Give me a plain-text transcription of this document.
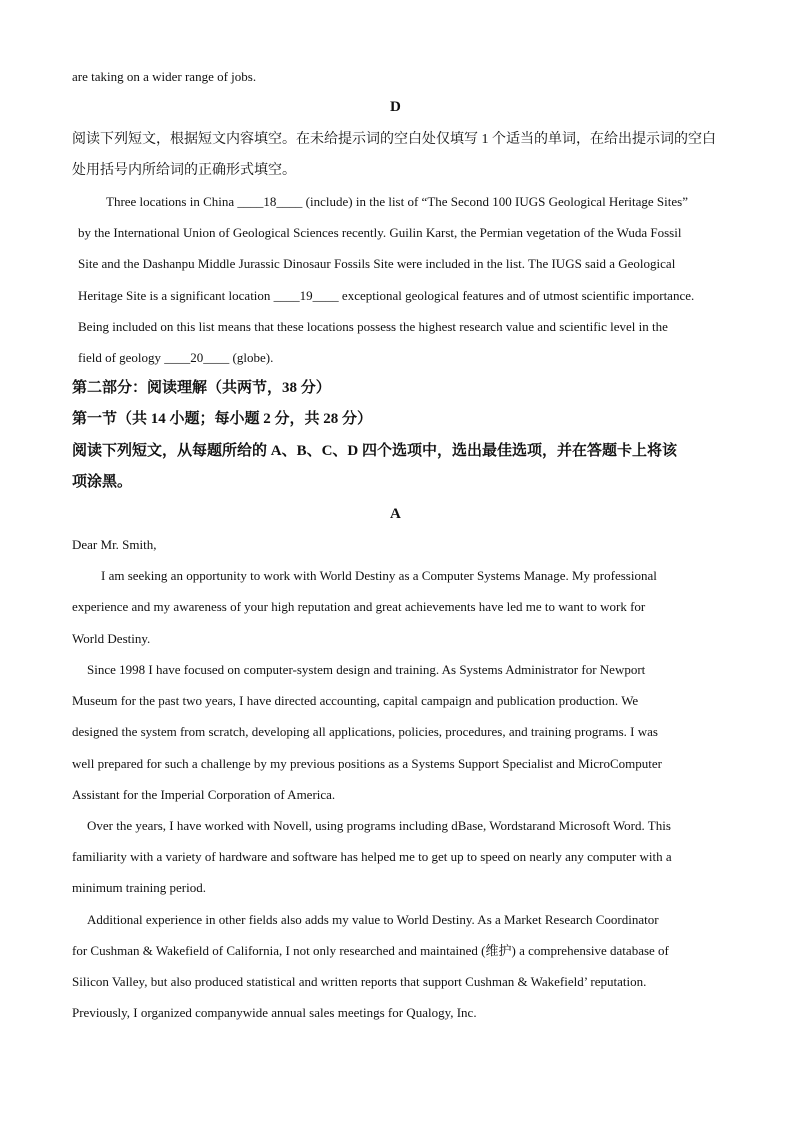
are taking on a wider range of jobs.
D
阅读下列短文，根据短文内容填空。在未给提示词的空白处仅填写 1 个适当的单词，在给出提示词的空白
处用括号内所给词的正确形式填空。
Three locations in China ____18____ (include) in the list of “The Second 100 IUGS Geological Heritage Sites”
by the International Union of Geological Sciences recently. Guilin Karst, the Permian vegetation of the Wuda Fossil
Site and the Dashanpu Middle Jurassic Dinosaur Fossils Site were included in the list. The IUGS said a Geological
Heritage Site is a significant location ____19____ exceptional geological features and of utmost scientific importance.
Being included on this list means that these locations possess the highest research value and scientific level in the
field of geology ____20____ (globe).
第二部分：阅读理解（共两节，38 分）
第一节（共 14 小题；每小题 2 分，共 28 分）
阅读下列短文，从每题所给的 A、B、C、D 四个选项中，选出最佳选项，并在答题卡上将该
项涂黑。
A
Dear Mr. Smith,
I am seeking an opportunity to work with World Destiny as a Computer Systems Manage. My professional
experience and my awareness of your high reputation and great achievements have led me to want to work for
World Destiny.
Since 1998 I have focused on computer-system design and training. As Systems Administrator for Newport
Museum for the past two years, I have directed accounting, capital campaign and publication production. We
designed the system from scratch, developing all applications, policies, procedures, and training programs. I was
well prepared for such a challenge by my previous positions as a Systems Support Specialist and MicroComputer
Assistant for the Imperial Corporation of America.
Over the years, I have worked with Novell, using programs including dBase, Wordstarand Microsoft Word. This
familiarity with a variety of hardware and software has helped me to get up to speed on nearly any computer with a
minimum training period.
Additional experience in other fields also adds my value to World Destiny. As a Market Research Coordinator
for Cushman & Wakefield of California, I not only researched and maintained (维护) a comprehensive database of
Silicon Valley, but also produced statistical and written reports that support Cushman & Wakefield’ reputation.
Previously, I organized companywide annual sales meetings for Qualogy, Inc.
